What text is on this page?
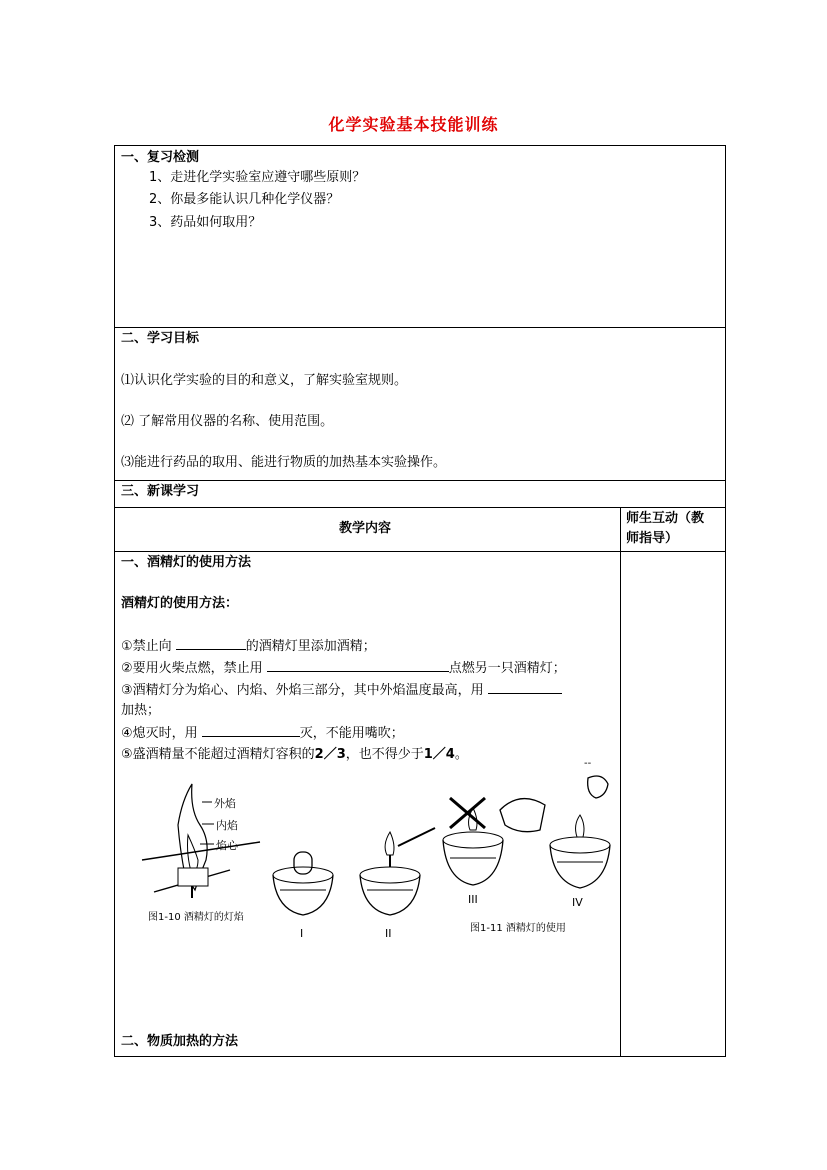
化学实验基本技能训练
一、复习检测
1、走进化学实验室应遵守哪些原则？
2、你最多能认识几种化学仪器？
3、药品如何取用？
二、学习目标
⑴认识化学实验的目的和意义，了解实验室规则。
⑵ 了解常用仪器的名称、使用范围。
⑶能进行药品的取用、能进行物质的加热基本实验操作。
三、新课学习
教学内容
师生互动（教
师指导）
一、酒精灯的使用方法
酒精灯的使用方法：
①禁止向	的酒精灯里添加酒精；
②要用火柴点燃，禁止用	点燃另一只酒精灯；
③酒精灯分为焰心、内焰、外焰三部分，其中外焰温度最高，用
加热；
④熄灭时，用	灭，不能用嘴吹；
⑤盛酒精量不能超过酒精灯容积的2／3，也不得少于1／4。
二、物质加热的方法
外焰
内焰
焰心
图1-10 酒精灯的灯焰
I	II
III	IV
图1-11 酒精灯的使用
--
